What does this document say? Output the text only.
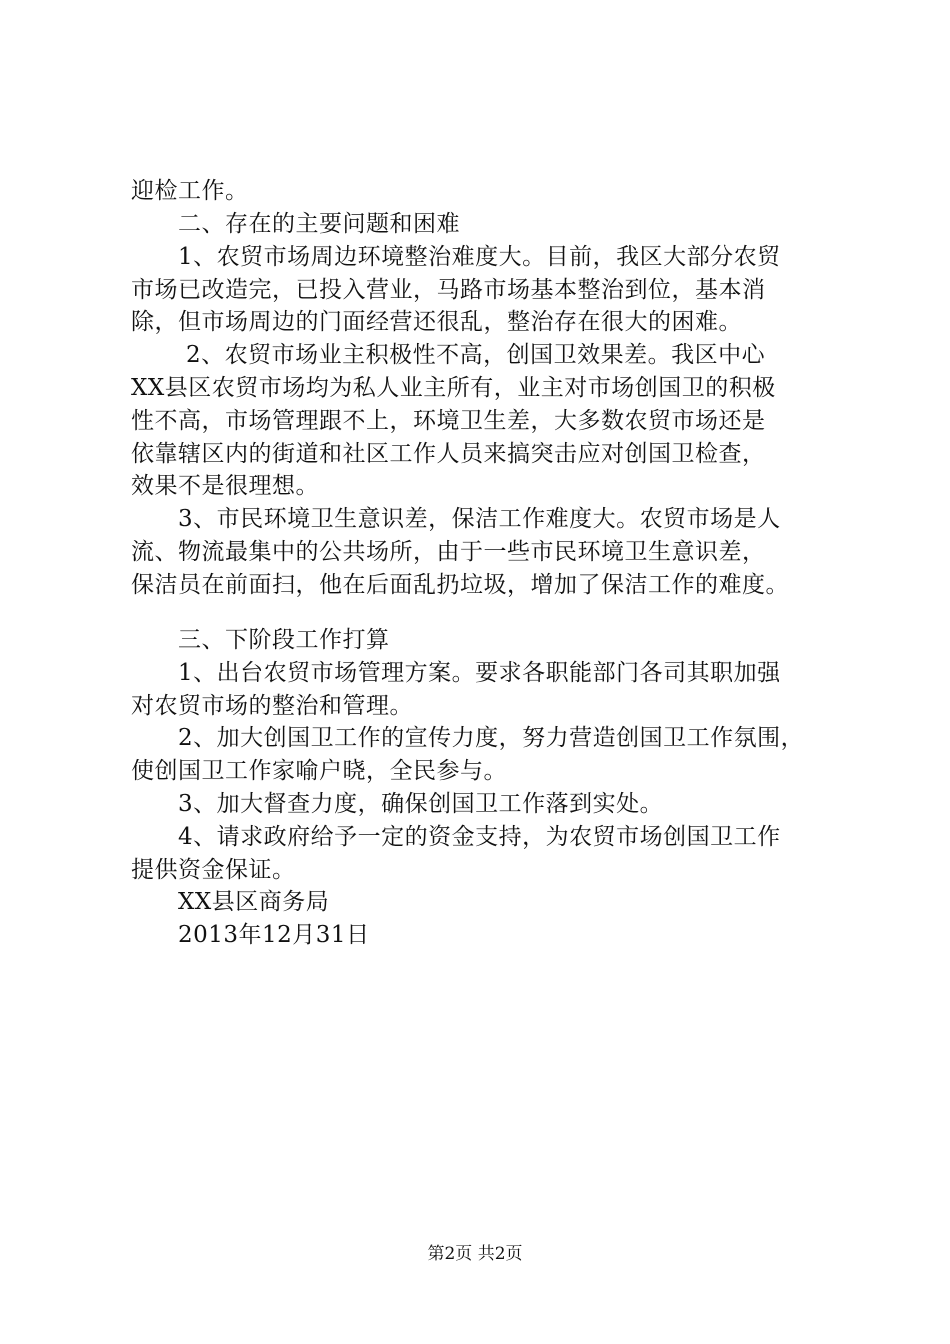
迎检工作。
二、存在的主要问题和困难
1、农贸市场周边环境整治难度大。目前，我区大部分农贸
市场已改造完，已投入营业，马路市场基本整治到位，基本消
除，但市场周边的门面经营还很乱，整治存在很大的困难。
2、农贸市场业主积极性不高，创国卫效果差。我区中心
XX县区农贸市场均为私人业主所有，业主对市场创国卫的积极
性不高，市场管理跟不上，环境卫生差，大多数农贸市场还是
依靠辖区内的街道和社区工作人员来搞突击应对创国卫检查，
效果不是很理想。
3、市民环境卫生意识差，保洁工作难度大。农贸市场是人
流、物流最集中的公共场所，由于一些市民环境卫生意识差，
保洁员在前面扫，他在后面乱扔垃圾，增加了保洁工作的难度。
三、下阶段工作打算
1、出台农贸市场管理方案。要求各职能部门各司其职加强
对农贸市场的整治和管理。
2、加大创国卫工作的宣传力度，努力营造创国卫工作氛围，
使创国卫工作家喻户晓，全民参与。
3、加大督查力度，确保创国卫工作落到实处。
4、请求政府给予一定的资金支持，为农贸市场创国卫工作
提供资金保证。
XX县区商务局
2013年12月31日
第2页 共2页
